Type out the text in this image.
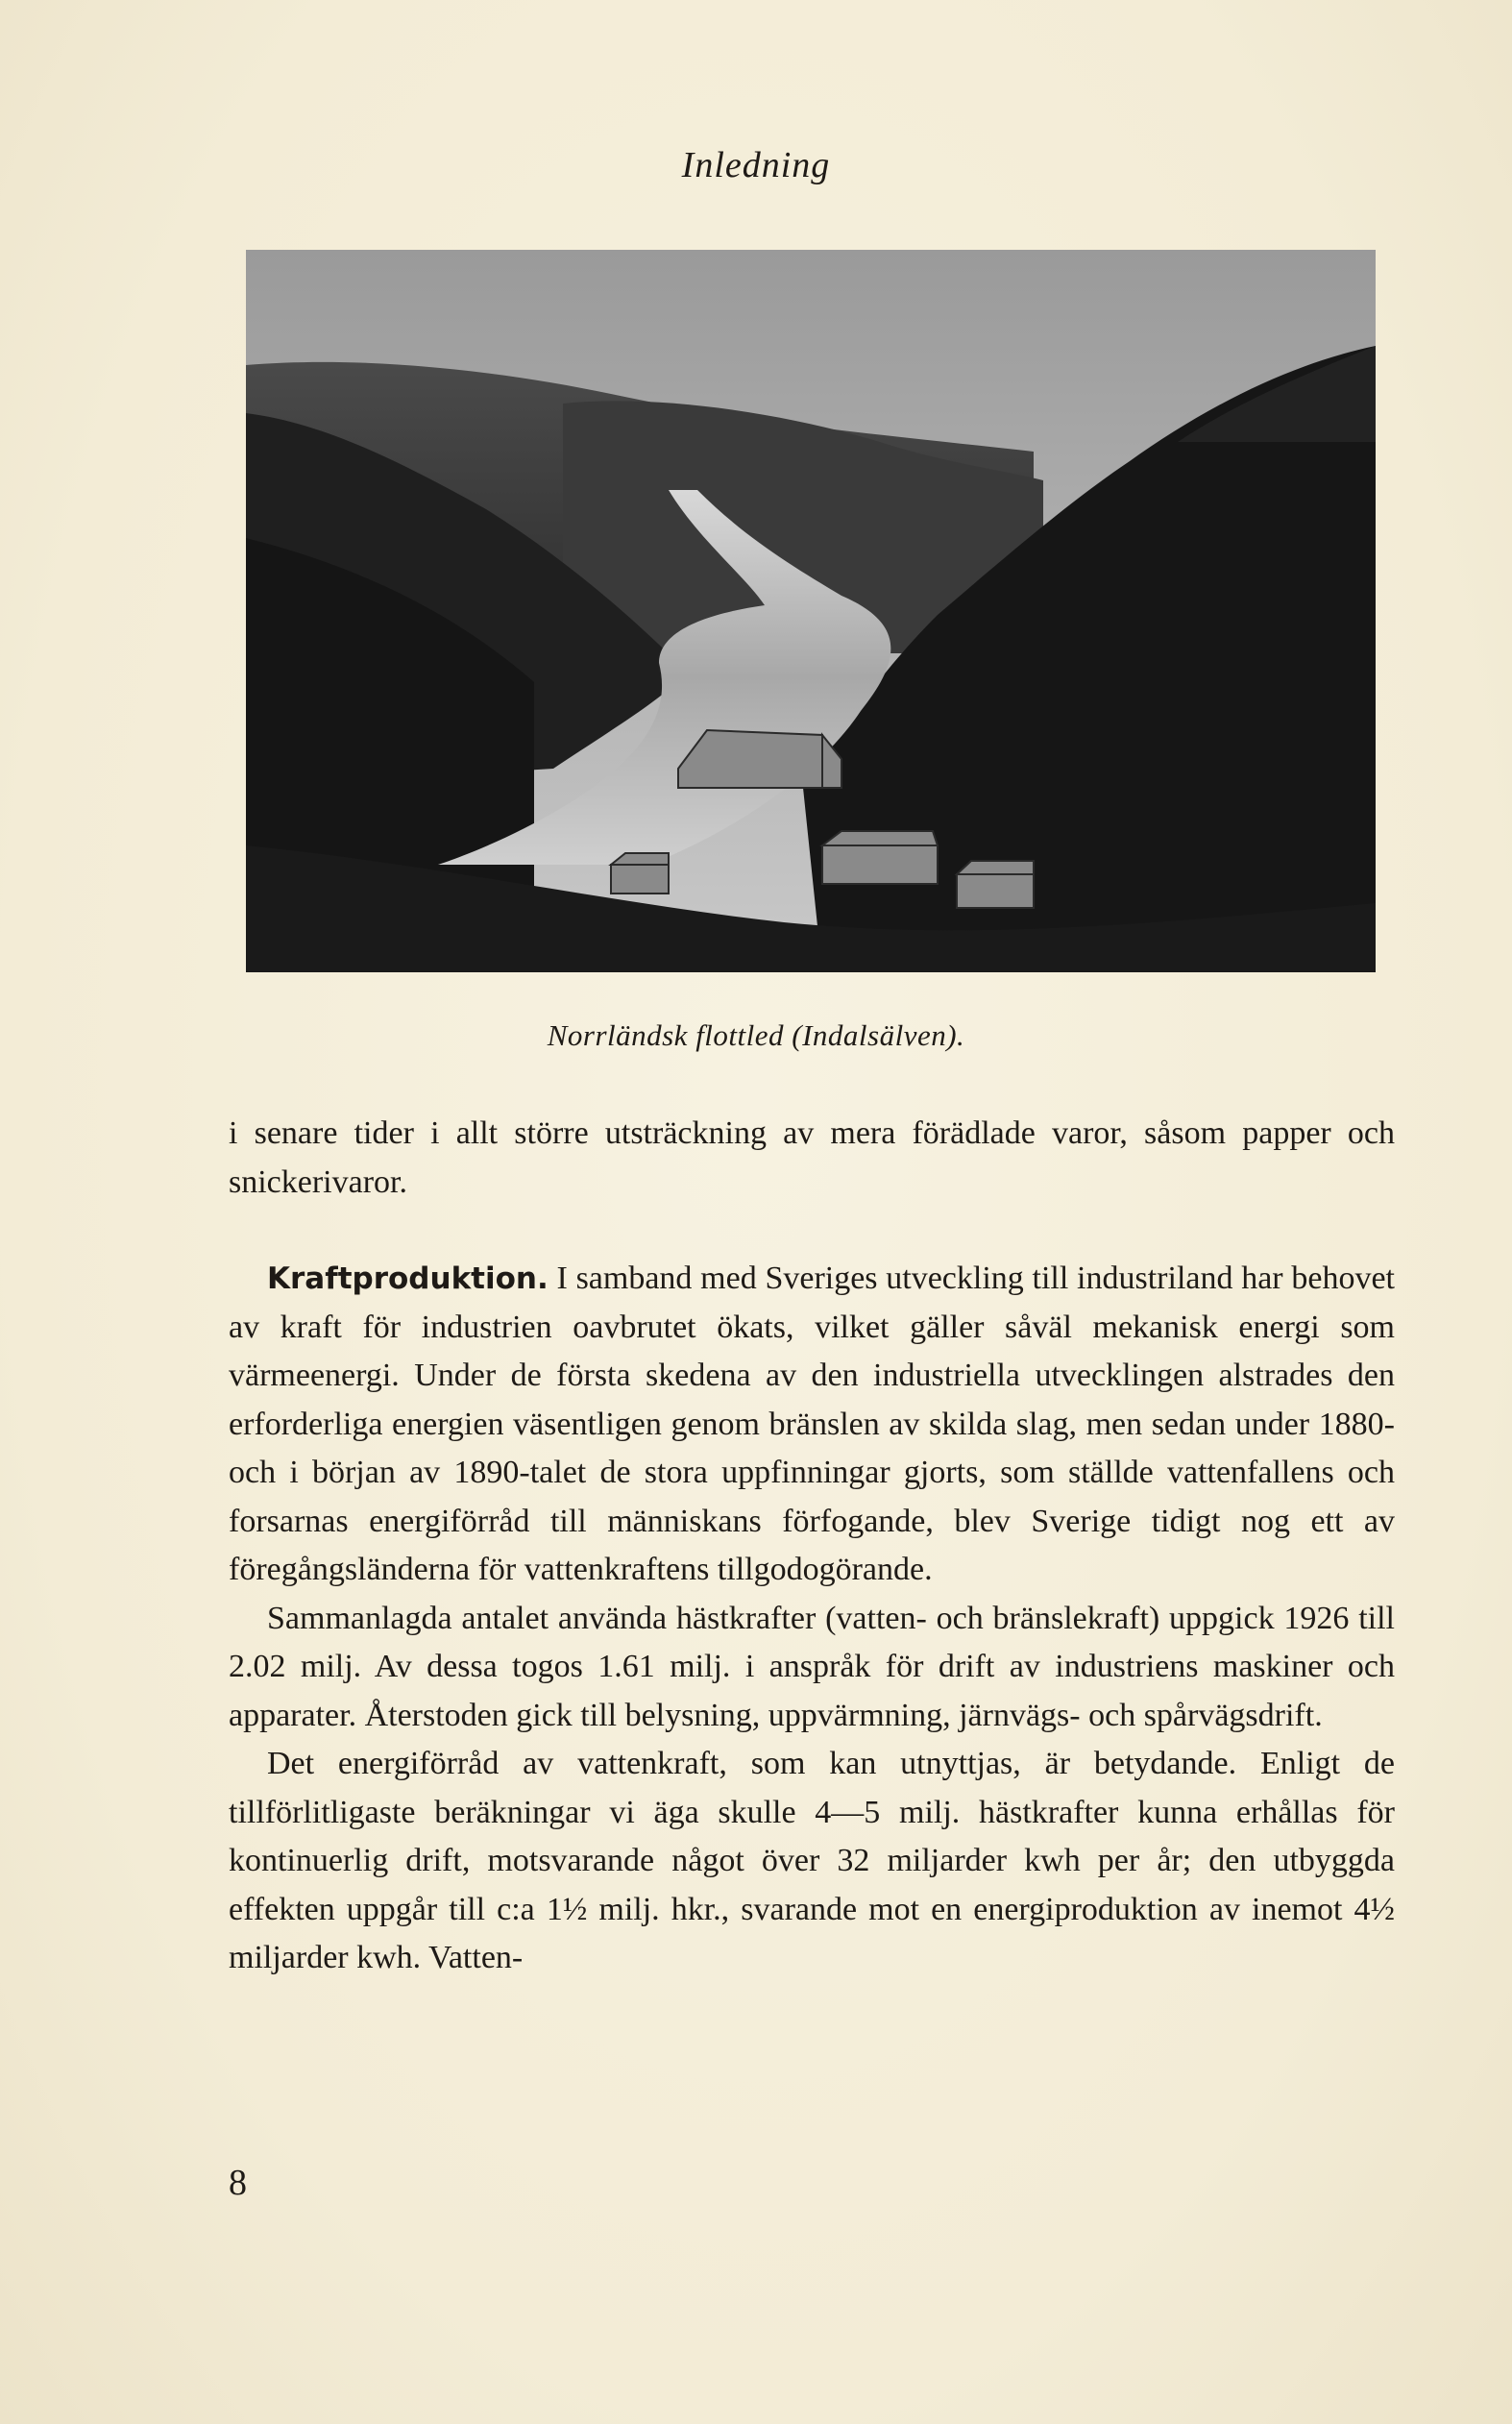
Inledning
Norrländsk flottled (Indalsälven).

i senare tider i allt större utsträckning av mera förädlade varor, såsom papper och snickerivaror.

Kraftproduktion. I samband med Sveriges utveckling till industriland har behovet av kraft för industrien oavbrutet ökats, vilket gäller såväl mekanisk energi som värmeenergi. Under de första skedena av den industriella utvecklingen alstrades den erforderliga energien väsentligen genom bränslen av skilda slag, men sedan under 1880- och i början av 1890-talet de stora uppfinningar gjorts, som ställde vattenfallens och forsarnas energiförråd till människans förfogande, blev Sverige tidigt nog ett av föregångsländerna för vattenkraftens tillgodogörande.

Sammanlagda antalet använda hästkrafter (vatten- och bränslekraft) uppgick 1926 till 2.02 milj. Av dessa togos 1.61 milj. i anspråk för drift av industriens maskiner och apparater. Återstoden gick till belysning, uppvärmning, järnvägs- och spårvägsdrift.

Det energiförråd av vattenkraft, som kan utnyttjas, är betydande. Enligt de tillförlitligaste beräkningar vi äga skulle 4—5 milj. hästkrafter kunna erhållas för kontinuerlig drift, motsvarande något över 32 miljarder kwh per år; den utbyggda effekten uppgår till c:a 1½ milj. hkr., svarande mot en energiproduktion av inemot 4½ miljarder kwh. Vatten-

8
